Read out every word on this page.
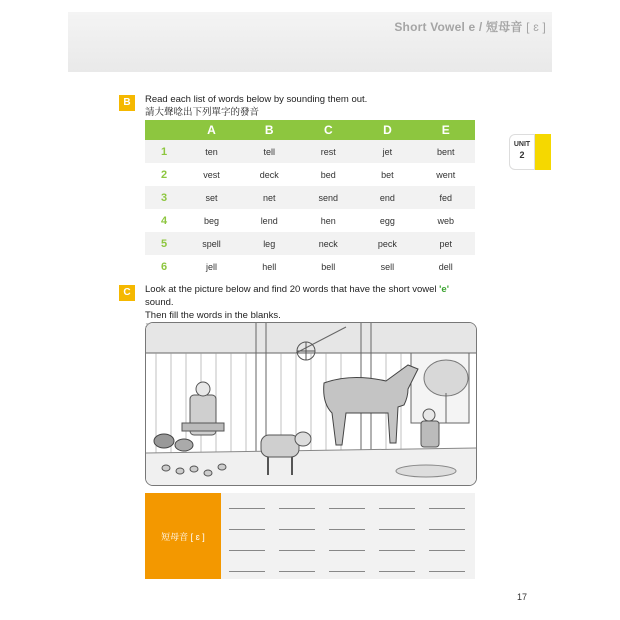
Short Vowel e / 短母音 [ ɛ ]
UNIT
2
B	Read each list of words below by sounding them out.
請大聲唸出下列單字的發音
	A	B	C	D	E
1	ten	tell	rest	jet	bent
2	vest	deck	bed	bet	went
3	set	net	send	end	fed
4	beg	lend	hen	egg	web
5	spell	leg	neck	peck	pet
6	jell	hell	bell	sell	dell
C	Look at the picture below and find 20 words that have the short vowel 'e' sound.
Then fill the words in the blanks.
短母音 [ ɛ ]
17
